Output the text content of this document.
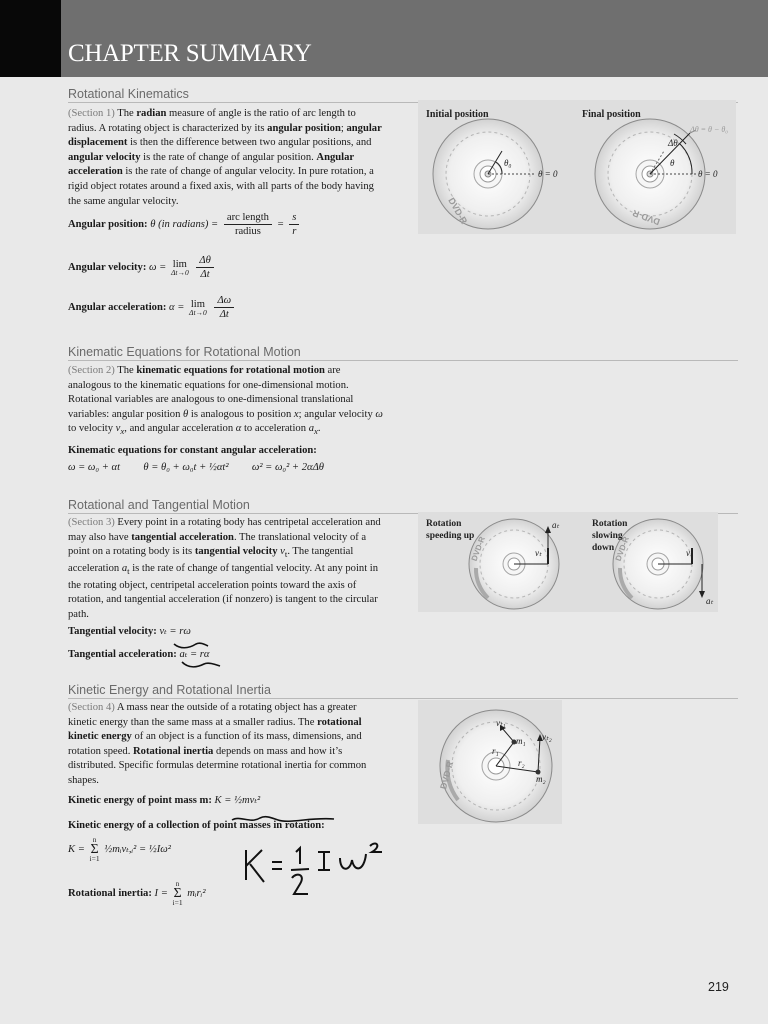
CHAPTER SUMMARY
Rotational Kinematics

(Section 1) The radian measure of angle is the ratio of arc length to radius. A rotating object is characterized by its angular position; angular displacement is then the difference between two angular positions, and angular velocity is the rate of change of angular position. Angular acceleration is the rate of change of angular velocity. In pure rotation, a rigid object rotates around a fixed axis, with all parts of the body having the same angular velocity.

Angular position: θ (in radians) = $\frac{\text{arc length}}{\text{radius}} = \frac{s}{r}$
Angular velocity: ω = lim
Δt→0
$\frac{\Delta\theta}{\Delta t}$
Angular acceleration: α = lim
Δt→0
$\frac{\Delta\omega}{\Delta t}$
Initial position
θ₀
θ = 0
DVD-R
Final position
Δθ
θ
θ = 0
Δθ = θ − θ₀
DVD-R
Kinematic Equations for Rotational Motion

(Section 2) The kinematic equations for rotational motion are analogous to the kinematic equations for one-dimensional motion. Rotational variables are analogous to one-dimensional translational variables: angular position θ is analogous to position x; angular velocity ω to velocity $v_x$, and angular acceleration α to acceleration $a_x$.

Kinematic equations for constant angular acceleration:
ω = ω₀ + αt θ = θ₀ + ω₀t + ½αt² ω² = ω₀² + 2αΔθ
Rotational and Tangential Motion

(Section 3) Every point in a rotating body has centripetal acceleration and may also have tangential acceleration. The translational velocity of a point on a rotating body is its tangential velocity $v_t$. The tangential acceleration $a_t$ is the rate of change of tangential velocity. At any point in the rotating object, centripetal acceleration points toward the axis of rotation, and tangential acceleration (if nonzero) is tangent to the circular path.

Tangential velocity: vₜ = rω
Tangential acceleration: aₜ = rα
Rotation
speeding up
aₜ
vₜ
DVD-R
Rotation
slowing
down	vₜ
aₜ
DVD-R
Kinetic Energy and Rotational Inertia

(Section 4) A mass near the outside of a rotating object has a greater kinetic energy than the same mass at a smaller radius. The rotational kinetic energy of an object is a function of its mass, dimensions, and rotation speed. Rotational inertia depends on mass and how it’s distributed. Specific formulas determine rotational inertia for common shapes.

Kinetic energy of point mass m: K = ½mvₜ²
Kinetic energy of a collection of point masses in rotation:
K =
n
Σ
i=1
½mᵢvₜ,ᵢ² = ½Iω²
Rotational inertia: I =
n
Σ
i=1
mᵢrᵢ²
vₜ₁
vₜ₂
m₁
m₂
r₁
r₂
DVD-R
219
